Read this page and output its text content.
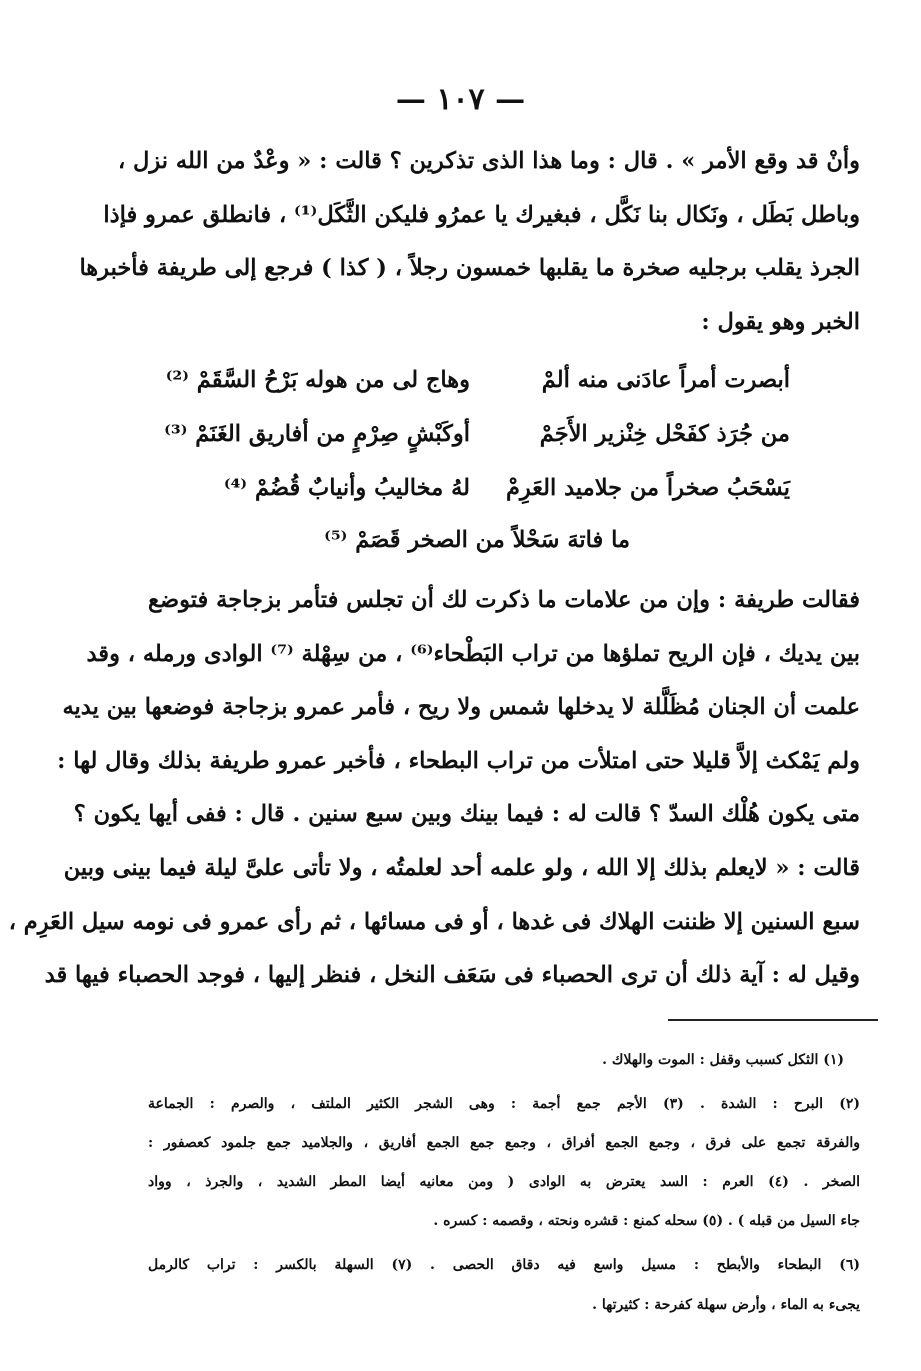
— ١٠٧ —
وأنْ قد وقع الأمر » . قال : وما هذا الذى تذكرين ؟ قالت : « وعْدٌ من الله نزل ،
وباطل بَطَل ، ونَكال بنا نَكَّل ، فبغيرك يا عمرُو فليكن الثَّكَل⁽¹⁾ ، فانطلق عمرو فإذا
الجرذ يقلب برجليه صخرة ما يقلبها خمسون رجلاً ، ( كذا ) فرجع إلى طريفة فأخبرها
الخبر وهو يقول :
أبصرت أمراً عادَنى منه ألمْ
وهاج لى من هوله بَرْحُ السَّقَمْ ⁽²⁾
من جُرَذ كفَحْل خِنْزير الأَجَمْ
أوكَبْشٍ صِرْمٍ من أفاريق الغَنَمْ ⁽³⁾
يَسْحَبُ صخراً من جلاميد العَرِمْ
لهُ مخاليبُ وأنيابٌ قُضُمْ ⁽⁴⁾
ما فاتهَ سَحْلاً من الصخر قَصَمْ ⁽⁵⁾
فقالت طريفة : وإن من علامات ما ذكرت لك أن تجلس فتأمر بزجاجة فتوضع
بين يديك ، فإن الريح تملؤها من تراب البَطْحاء⁽⁶⁾ ، من سِهْلة ⁽⁷⁾ الوادى ورمله ، وقد
علمت أن الجنان مُظَلَّلة لا يدخلها شمس ولا ريح ، فأمر عمرو بزجاجة فوضعها بين يديه
ولم يَمْكث إلاَّ قليلا حتى امتلأت من تراب البطحاء ، فأخبر عمرو طريفة بذلك وقال لها :
متى يكون هُلْك السدّ ؟ قالت له : فيما بينك وبين سبع سنين . قال : ففى أيها يكون ؟
قالت : « لايعلم بذلك إلا الله ، ولو علمه أحد لعلمتُه ، ولا تأتى علىَّ ليلة فيما بينى وبين
سبع السنين إلا ظننت الهلاك فى غدها ، أو فى مسائها ، ثم رأى عمرو فى نومه سيل العَرِم ،
وقيل له : آية ذلك أن ترى الحصباء فى سَعَف النخل ، فنظر إليها ، فوجد الحصباء فيها قد
(١) الثكل كسبب وقفل : الموت والهلاك .
(٢) البرح : الشدة . (٣) الأجم جمع أجمة : وهى الشجر الكثير الملتف ، والصرم : الجماعة
والفرقة تجمع على فرق ، وجمع الجمع أفراق ، وجمع جمع الجمع أفاريق ، والجلاميد جمع جلمود كعصفور :
الصخر . (٤) العرم : السد يعترض به الوادى ( ومن معانيه أيضا المطر الشديد ، والجرذ ، وواد
جاء السيل من قبله ) . (٥) سحله كمنع : قشره ونحته ، وقصمه : كسره .
(٦) البطحاء والأبطح : مسيل واسع فيه دقاق الحصى . (٧) السهلة بالكسر : تراب كالرمل
يجىء به الماء ، وأرض سهلة كفرحة : كثيرتها .
